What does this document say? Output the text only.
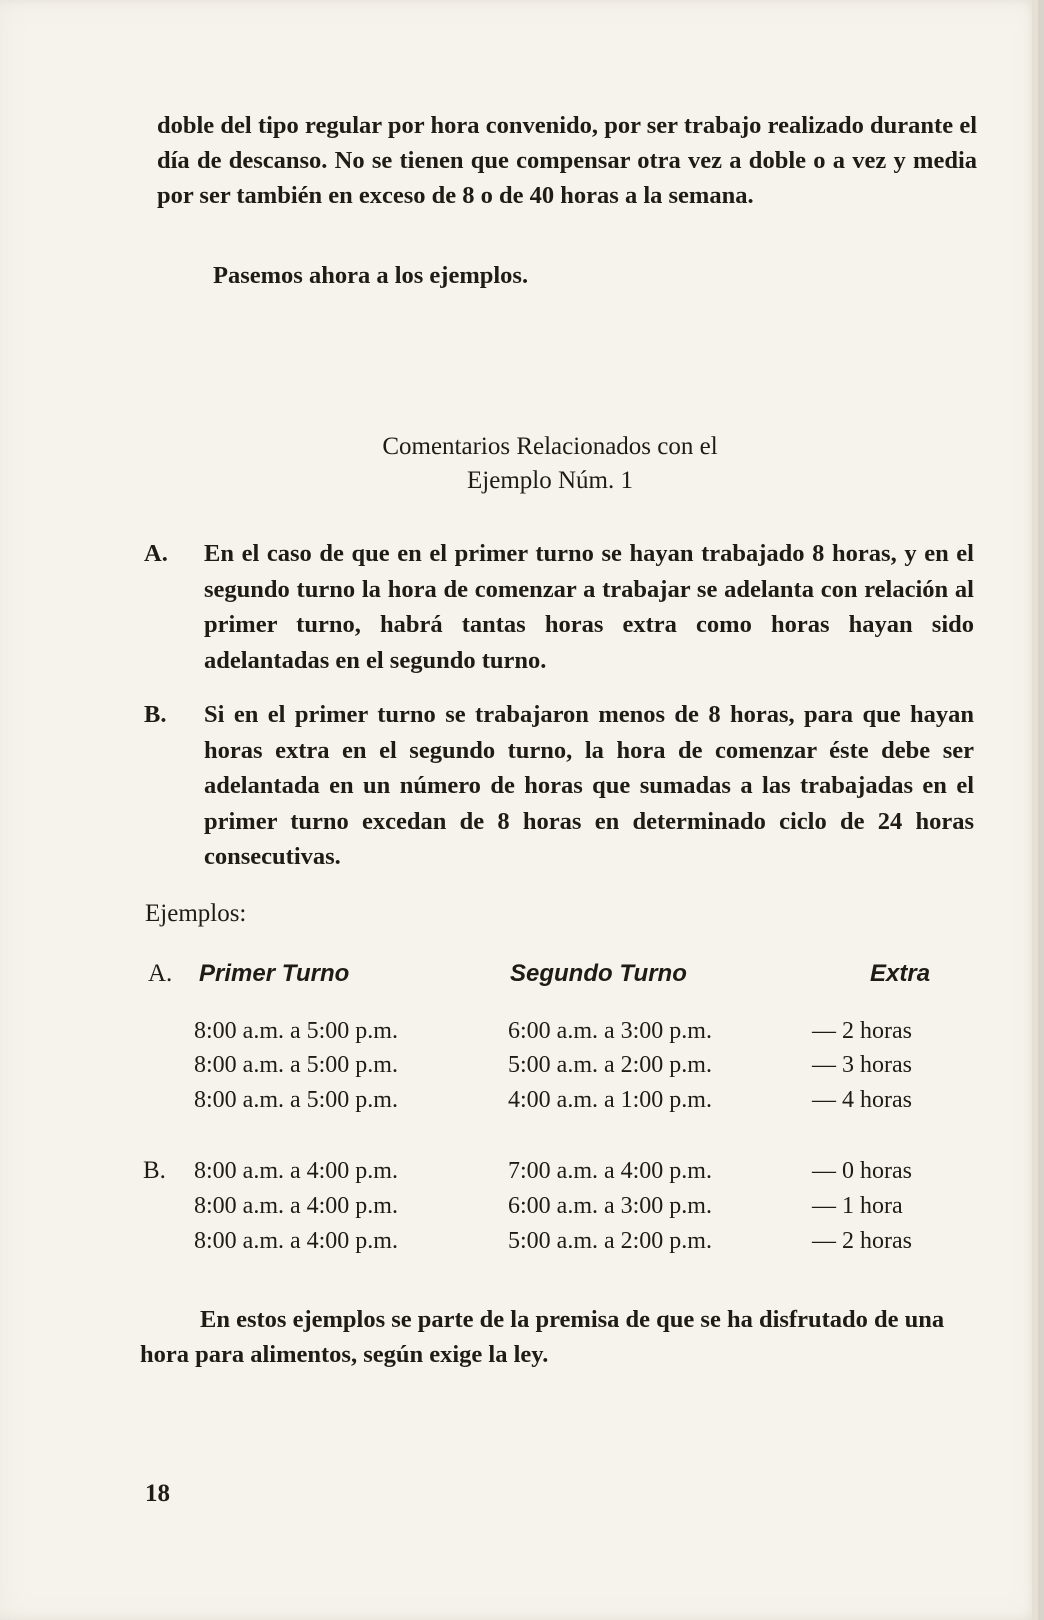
doble del tipo regular por hora convenido, por ser trabajo realizado durante el día de descanso. No se tienen que compensar otra vez a doble o a vez y media por ser también en exceso de 8 o de 40 horas a la semana.
Pasemos ahora a los ejemplos.
Comentarios Relacionados con el
Ejemplo Núm. 1
A.	En el caso de que en el primer turno se hayan trabajado 8 horas, y en el segundo turno la hora de comenzar a trabajar se adelanta con relación al primer turno, habrá tantas horas extra como horas hayan sido adelantadas en el segundo turno.
B.	Si en el primer turno se trabajaron menos de 8 horas, para que hayan horas extra en el segundo turno, la hora de comenzar éste debe ser adelantada en un número de horas que sumadas a las trabajadas en el primer turno excedan de 8 horas en determinado ciclo de 24 horas consecutivas.
Ejemplos:
A. Primer Turno	Segundo Turno	Extra
8:00 a.m. a 5:00 p.m.	6:00 a.m. a 3:00 p.m.	— 2 horas
8:00 a.m. a 5:00 p.m.	5:00 a.m. a 2:00 p.m.	— 3 horas
8:00 a.m. a 5:00 p.m.	4:00 a.m. a 1:00 p.m.	— 4 horas
B. 8:00 a.m. a 4:00 p.m.	7:00 a.m. a 4:00 p.m.	— 0 horas
8:00 a.m. a 4:00 p.m.	6:00 a.m. a 3:00 p.m.	— 1 hora
8:00 a.m. a 4:00 p.m.	5:00 a.m. a 2:00 p.m.	— 2 horas
En estos ejemplos se parte de la premisa de que se ha disfrutado de una hora para alimentos, según exige la ley.
18
